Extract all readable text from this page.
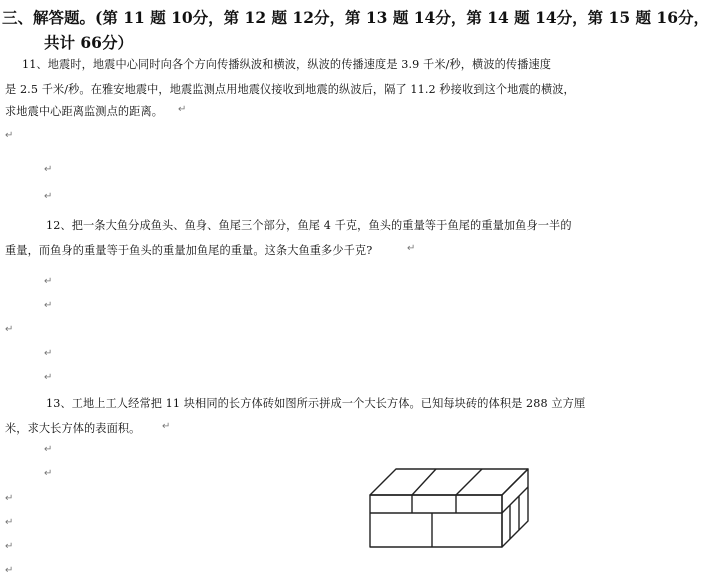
三、解答题。(第 11 题 10分，第 12 题 12分，第 13 题 14分，第 14 题 14分，第 15 题 16分，
共计 66分）
11、地震时，地震中心同时向各个方向传播纵波和横波，纵波的传播速度是 3.9 千米/秒，横波的传播速度
是 2.5 千米/秒。在雅安地震中，地震监测点用地震仪接收到地震的纵波后，隔了 11.2 秒接收到这个地震的横波，
求地震中心距离监测点的距离。 ↵
↵
↵
↵
12、把一条大鱼分成鱼头、鱼身、鱼尾三个部分，鱼尾 4 千克，鱼头的重量等于鱼尾的重量加鱼身一半的
重量，而鱼身的重量等于鱼头的重量加鱼尾的重量。这条大鱼重多少千克?	↵
↵
↵
↵
↵
↵
13、工地上工人经常把 11 块相同的长方体砖如图所示拼成一个大长方体。已知每块砖的体积是 288 立方厘
米，求大长方体的表面积。 ↵
↵
↵
↵
↵
↵
↵
